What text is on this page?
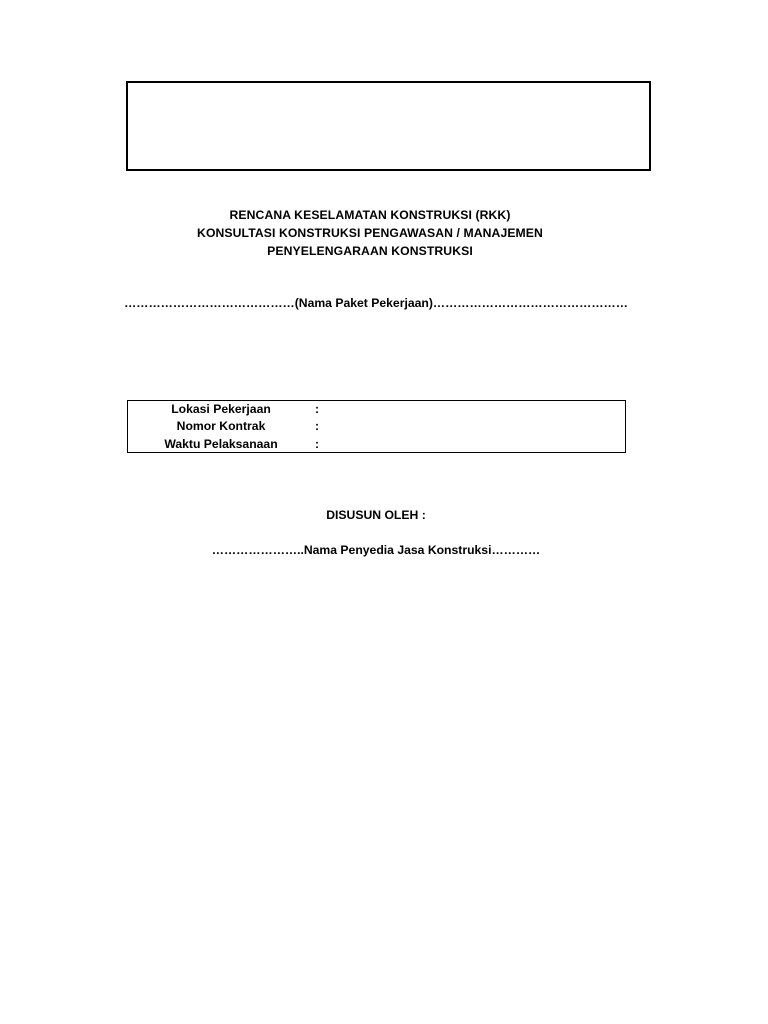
RENCANA KESELAMATAN KONSTRUKSI (RKK)
KONSULTASI KONSTRUKSI PENGAWASAN / MANAJEMEN
PENYELENGARAAN KONSTRUKSI
……………………………………(Nama Paket Pekerjaan)…………………………………………
Lokasi Pekerjaan	:
Nomor Kontrak	:
Waktu Pelaksanaan	:
DISUSUN OLEH :
…………………..Nama Penyedia Jasa Konstruksi…………
